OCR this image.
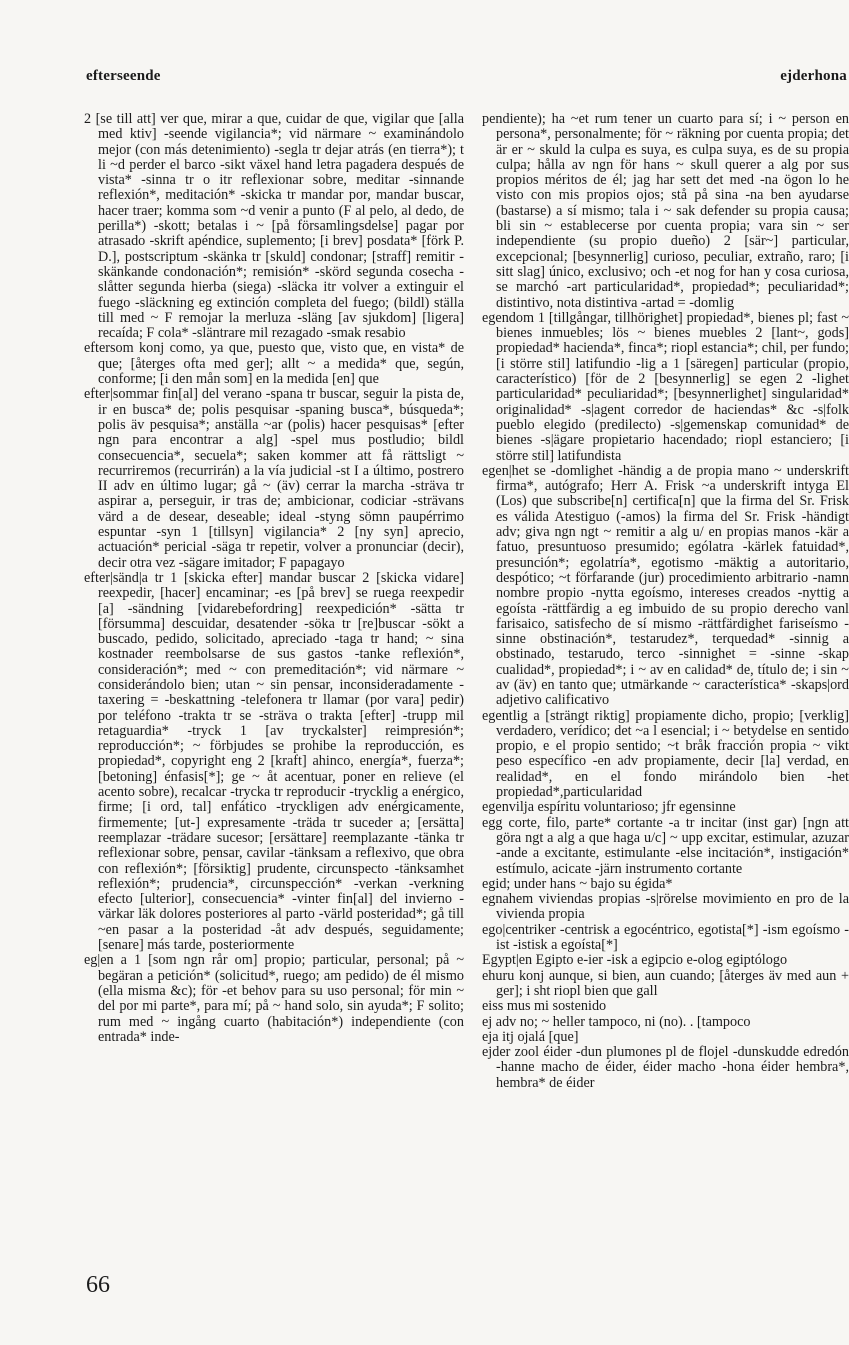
efterseende	ejderhona
2 [se till att] ver que, mirar a que, cuidar de que, vigilar que [alla med ktiv] -seende vigilancia*; vid närmare ~ examinándolo mejor (con más detenimiento) -segla tr dejar atrás (en tierra*); t li ~d perder el barco -sikt växel hand letra pagadera después de vista* -sinna tr o itr reflexionar sobre, meditar -sinnande reflexión*, meditación* -skicka tr mandar por, mandar buscar, hacer traer; komma som ~d venir a punto (F al pelo, al dedo, de perilla*) -skott; betalas i ~ [på församlingsdelse] pagar por atrasado -skrift apéndice, suplemento; [i brev] posdata* [förk P. D.], postscriptum -skänka tr [skuld] condonar; [straff] remitir -skänkande condonación*; remisión* -skörd segunda cosecha -slåtter segunda hierba (siega) -släcka itr volver a extinguir el fuego -släckning eg extinción completa del fuego; (bildl) ställa till med ~ F remojar la merluza -släng [av sjukdom] [ligera] recaída; F cola* -släntrare mil rezagado -smak resabio
eftersom konj como, ya que, puesto que, visto que, en vista* de que; [återges ofta med ger]; allt ~ a medida* que, según, conforme; [i den mån som] en la medida [en] que
efter|sommar fin[al] del verano -spana tr buscar, seguir la pista de, ir en busca* de; polis pesquisar -spaning busca*, búsqueda*; polis äv pesquisa*; anställa ~ar (polis) hacer pesquisas* [efter ngn para encontrar a alg] -spel mus postludio; bildl consecuencia*, secuela*; saken kommer att få rättsligt ~ recurriremos (recurrirán) a la vía judicial -st I a último, postrero II adv en último lugar; gå ~ (äv) cerrar la marcha -sträva tr aspirar a, perseguir, ir tras de; ambicionar, codiciar -strävans värd a de desear, deseable; ideal -styng sömn paupérrimo espuntar -syn 1 [tillsyn] vigilancia* 2 [ny syn] aprecio, actuación* pericial -säga tr repetir, volver a pronunciar (decir), decir otra vez -sägare imitador; F papagayo
efter|sänd|a tr 1 [skicka efter] mandar buscar 2 [skicka vidare] reexpedir, [hacer] encaminar; -es [på brev] se ruega reexpedir [a] -sändning [vidarebefordring] reexpedición* -sätta tr [försumma] descuidar, desatender -söka tr [re]buscar -sökt a buscado, pedido, solicitado, apreciado -taga tr hand; ~ sina kostnader reembolsarse de sus gastos -tanke reflexión*, consideración*; med ~ con premeditación*; vid närmare ~ considerándolo bien; utan ~ sin pensar, inconsideradamente -taxering = -beskattning -telefonera tr llamar (por vara] pedir) por teléfono -trakta tr se -sträva o trakta [efter] -trupp mil retaguardia* -tryck 1 [av tryckalster] reimpresión*; reproducción*; ~ förbjudes se prohibe la reproducción, es propiedad*, copyright eng 2 [kraft] ahinco, energía*, fuerza*; [betoning] énfasis[*]; ge ~ åt acentuar, poner en relieve (el acento sobre), recalcar -trycka tr reproducir -trycklig a enérgico, firme; [i ord, tal] enfático -tryckligen adv enérgicamente, firmemente; [ut-] expresamente -träda tr suceder a; [ersätta] reemplazar -trädare sucesor; [ersättare] reemplazante -tänka tr reflexionar sobre, pensar, cavilar -tänksam a reflexivo, que obra con reflexión*; [försiktig] prudente, circunspecto -tänksamhet reflexión*; prudencia*, circunspección* -verkan -verkning efecto [ulterior], consecuencia* -vinter fin[al] del invierno -värkar läk dolores posteriores al parto -värld posteridad*; gå till ~en pasar a la posteridad -åt adv después, seguidamente; [senare] más tarde, posteriormente
eg|en a 1 [som ngn rår om] propio; particular, personal; på ~ begäran a petición* (solicitud*, ruego; am pedido) de él mismo (ella misma &c); för -et behov para su uso personal; för min ~ del por mi parte*, para mí; på ~ hand solo, sin ayuda*; F solito; rum med ~ ingång cuarto (habitación*) independiente (con entrada* inde-
pendiente); ha ~et rum tener un cuarto para sí; i ~ person en persona*, personalmente; för ~ räkning por cuenta propia; det är er ~ skuld la culpa es suya, es culpa suya, es de su propia culpa; hålla av ngn för hans ~ skull querer a alg por sus propios méritos de él; jag har sett det med -na ögon lo he visto con mis propios ojos; stå på sina -na ben ayudarse (bastarse) a sí mismo; tala i ~ sak defender su propia causa; bli sin ~ establecerse por cuenta propia; vara sin ~ ser independiente (su propio dueño) 2 [sär~] particular, excepcional; [besynnerlig] curioso, peculiar, extraño, raro; [i sitt slag] único, exclusivo; och -et nog for han y cosa curiosa, se marchó -art particularidad*, propiedad*; peculiaridad*; distintivo, nota distintiva -artad = -domlig
egendom 1 [tillgångar, tillhörighet] propiedad*, bienes pl; fast ~ bienes inmuebles; lös ~ bienes muebles 2 [lant~, gods] propiedad* hacienda*, finca*; riopl estancia*; chil, per fundo; [i större stil] latifundio -lig a 1 [säregen] particular (propio, característico) [för de 2 [besynnerlig] se egen 2 -lighet particularidad* peculiaridad*; [besynnerlighet] singularidad* originalidad* -s|agent corredor de haciendas* &c -s|folk pueblo elegido (predilecto) -s|gemenskap comunidad* de bienes -s|ägare propietario hacendado; riopl estanciero; [i större stil] latifundista
egen|het se -domlighet -händig a de propia mano ~ underskrift firma*, autógrafo; Herr A. Frisk ~a underskrift intyga El (Los) que subscribe[n] certifica[n] que la firma del Sr. Frisk es válida Atestiguo (-amos) la firma del Sr. Frisk -händigt adv; giva ngn ngt ~ remitir a alg u/ en propias manos -kär a fatuo, presuntuoso presumido; ególatra -kärlek fatuidad*, presunción*; egolatría*, egotismo -mäktig a autoritario, despótico; ~t förfarande (jur) procedimiento arbitrario -namn nombre propio -nytta egoísmo, intereses creados -nyttig a egoísta -rättfärdig a eg imbuido de su propio derecho vanl farisaico, satisfecho de sí mismo -rättfärdighet fariseísmo -sinne obstinación*, testarudez*, terquedad* -sinnig a obstinado, testarudo, terco -sinnighet = -sinne -skap cualidad*, propiedad*; i ~ av en calidad* de, título de; i sin ~ av (äv) en tanto que; utmärkande ~ característica* -skaps|ord adjetivo calificativo
egentlig a [strängt riktig] propiamente dicho, propio; [verklig] verdadero, verídico; det ~a l esencial; i ~ betydelse en sentido propio, e el propio sentido; ~t bråk fracción propia ~ vikt peso específico -en adv propiamente, decir [la] verdad, en realidad*, en el fondo mirándolo bien -het propiedad*,particularidad
egenvilja espíritu voluntarioso; jfr egensinne
egg corte, filo, parte* cortante -a tr incitar (inst gar) [ngn att göra ngt a alg a que haga u/c] ~ upp excitar, estimular, azuzar -ande a excitante, estimulante -else incitación*, instigación* estímulo, acicate -järn instrumento cortante
egid; under hans ~ bajo su égida*
egnahem viviendas propias -s|rörelse movimiento en pro de la vivienda propia
ego|centriker -centrisk a egocéntrico, egotista[*] -ism egoísmo -ist -istisk a egoísta[*]
Egypt|en Egipto e-ier -isk a egipcio e-olog egiptólogo
ehuru konj aunque, si bien, aun cuando; [återges äv med aun + ger]; i sht riopl bien que gall
eiss mus mi sostenido
ej adv no; ~ heller tampoco, ni (no). . [tampoco
eja itj ojalá [que]
ejder zool éider -dun plumones pl de flojel -dunskudde edredón -hanne macho de éider, éider macho -hona éider hembra*, hembra* de éider
66
